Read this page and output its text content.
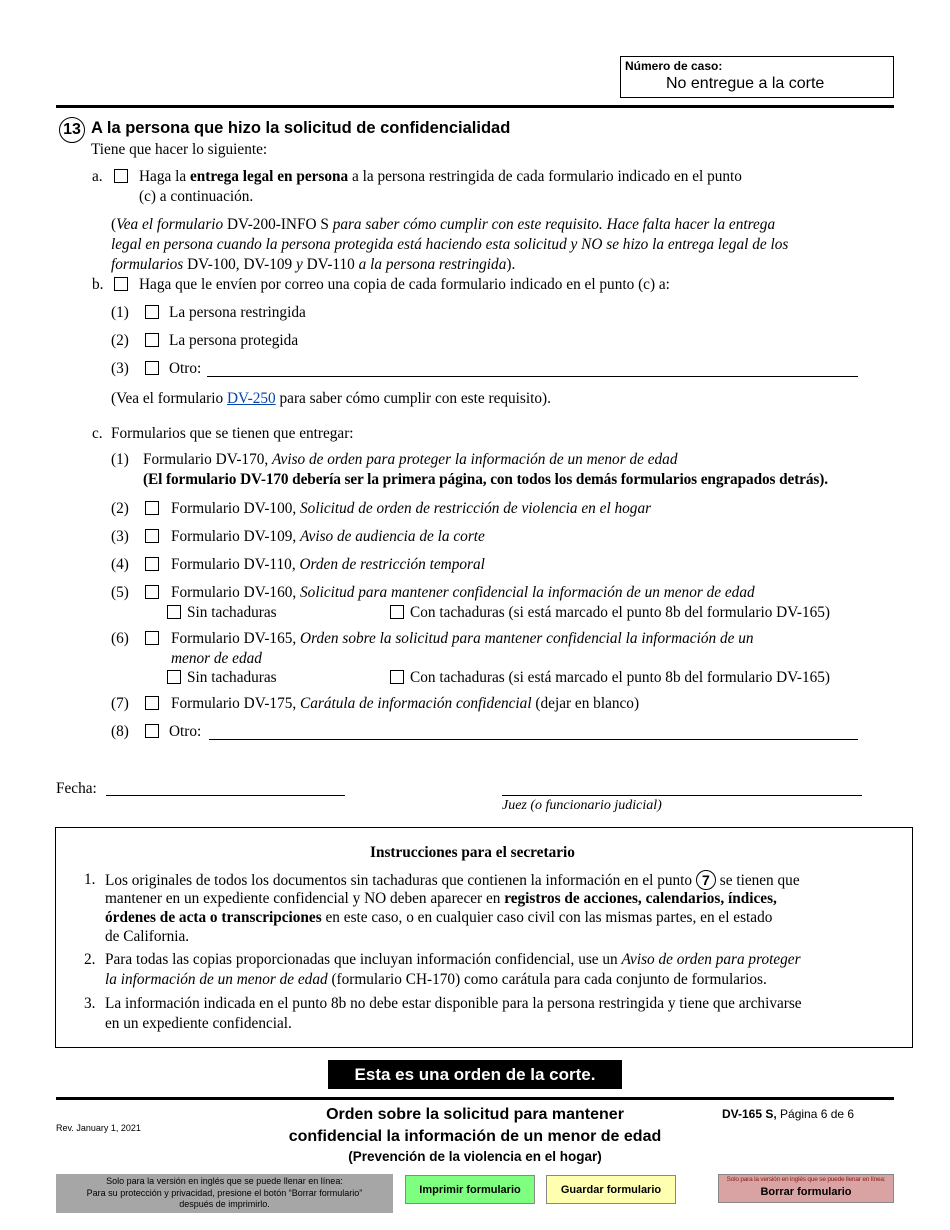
Número de caso:
No entregue a la corte
13 A la persona que hizo la solicitud de confidencialidad
Tiene que hacer lo siguiente:
a. Haga la entrega legal en persona a la persona restringida de cada formulario indicado en el punto
(c) a continuación.
(Vea el formulario DV-200-INFO S para saber cómo cumplir con este requisito. Hace falta hacer la entrega
legal en persona cuando la persona protegida está haciendo esta solicitud y NO se hizo la entrega legal de los
formularios DV-100, DV-109 y DV-110 a la persona restringida).
b. Haga que le envíen por correo una copia de cada formulario indicado en el punto (c) a:
(1)	La persona restringida
(2)	La persona protegida
(3)	Otro:
(Vea el formulario DV-250 para saber cómo cumplir con este requisito).
c. Formularios que se tienen que entregar:
(1) Formulario DV-170, Aviso de orden para proteger la información de un menor de edad
(El formulario DV-170 debería ser la primera página, con todos los demás formularios engrapados detrás).
(2)	Formulario DV-100, Solicitud de orden de restricción de violencia en el hogar
(3)	Formulario DV-109, Aviso de audiencia de la corte
(4)	Formulario DV-110, Orden de restricción temporal
(5)	Formulario DV-160, Solicitud para mantener confidencial la información de un menor de edad
Sin tachaduras	Con tachaduras (si está marcado el punto 8b del formulario DV-165)
(6)	Formulario DV-165, Orden sobre la solicitud para mantener confidencial la información de un
menor de edad
Sin tachaduras	Con tachaduras (si está marcado el punto 8b del formulario DV-165)
(7)	Formulario DV-175, Carátula de información confidencial (dejar en blanco)
(8)	Otro:
Fecha:
Juez (o funcionario judicial)
Instrucciones para el secretario
1. Los originales de todos los documentos sin tachaduras que contienen la información en el punto 7 se tienen que
mantener en un expediente confidencial y NO deben aparecer en registros de acciones, calendarios, índices,
órdenes de acta o transcripciones en este caso, o en cualquier caso civil con las mismas partes, en el estado
de California.
2. Para todas las copias proporcionadas que incluyan información confidencial, use un Aviso de orden para proteger
la información de un menor de edad (formulario CH-170) como carátula para cada conjunto de formularios.
3. La información indicada en el punto 8b no debe estar disponible para la persona restringida y tiene que archivarse
en un expediente confidencial.
Esta es una orden de la corte.
Rev. January 1, 2021
Orden sobre la solicitud para mantener
confidencial la información de un menor de edad
(Prevención de la violencia en el hogar)
DV-165 S, Página 6 de 6
Solo para la versión en inglés que se puede llenar en línea:
Para su protección y privacidad, presione el botón “Borrar formulario”
después de imprimirlo.
Imprimir formulario	Guardar formulario
Solo para la versión en inglés que se puede llenar en línea:
Borrar formulario
